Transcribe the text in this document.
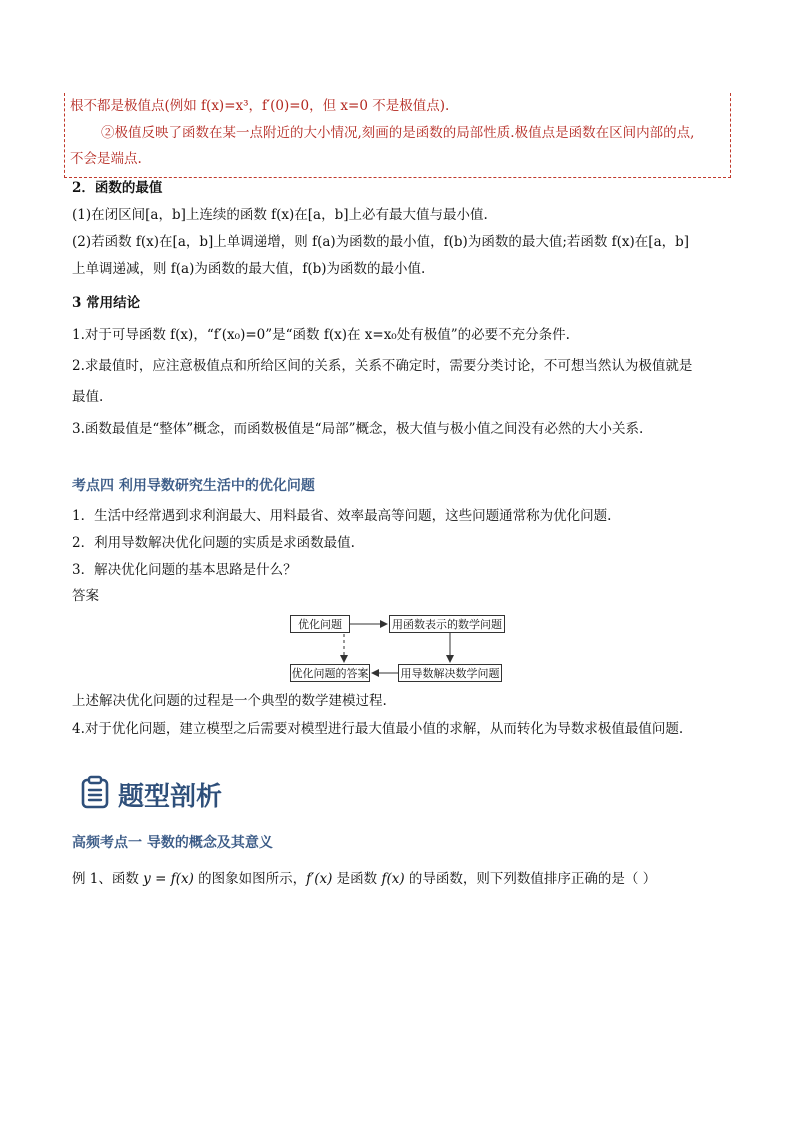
根不都是极值点(例如 f(x)=x³，f′(0)=0，但 x=0 不是极值点).
②极值反映了函数在某一点附近的大小情况,刻画的是函数的局部性质.极值点是函数在区间内部的点,
不会是端点.
2．函数的最值
(1)在闭区间[a，b]上连续的函数 f(x)在[a，b]上必有最大值与最小值.
(2)若函数 f(x)在[a，b]上单调递增，则 f(a)为函数的最小值，f(b)为函数的最大值;若函数 f(x)在[a，b]
上单调递减，则 f(a)为函数的最大值，f(b)为函数的最小值.
3 常用结论
1.对于可导函数 f(x)，“f′(x₀)=0”是“函数 f(x)在 x=x₀处有极值”的必要不充分条件.
2.求最值时，应注意极值点和所给区间的关系，关系不确定时，需要分类讨论，不可想当然认为极值就是
最值.
3.函数最值是“整体”概念，而函数极值是“局部”概念，极大值与极小值之间没有必然的大小关系.
考点四 利用导数研究生活中的优化问题
1．生活中经常遇到求利润最大、用料最省、效率最高等问题，这些问题通常称为优化问题.
2．利用导数解决优化问题的实质是求函数最值.
3．解决优化问题的基本思路是什么？
答案
优化问题	用函数表示的数学问题
用导数解决数学问题
优化问题的答案
上述解决优化问题的过程是一个典型的数学建模过程.
4.对于优化问题，建立模型之后需要对模型进行最大值最小值的求解，从而转化为导数求极值最值问题.
题型剖析
高频考点一 导数的概念及其意义
例 1、函数 y = f(x) 的图象如图所示，f′(x) 是函数 f(x) 的导函数，则下列数值排序正确的是（ ）
